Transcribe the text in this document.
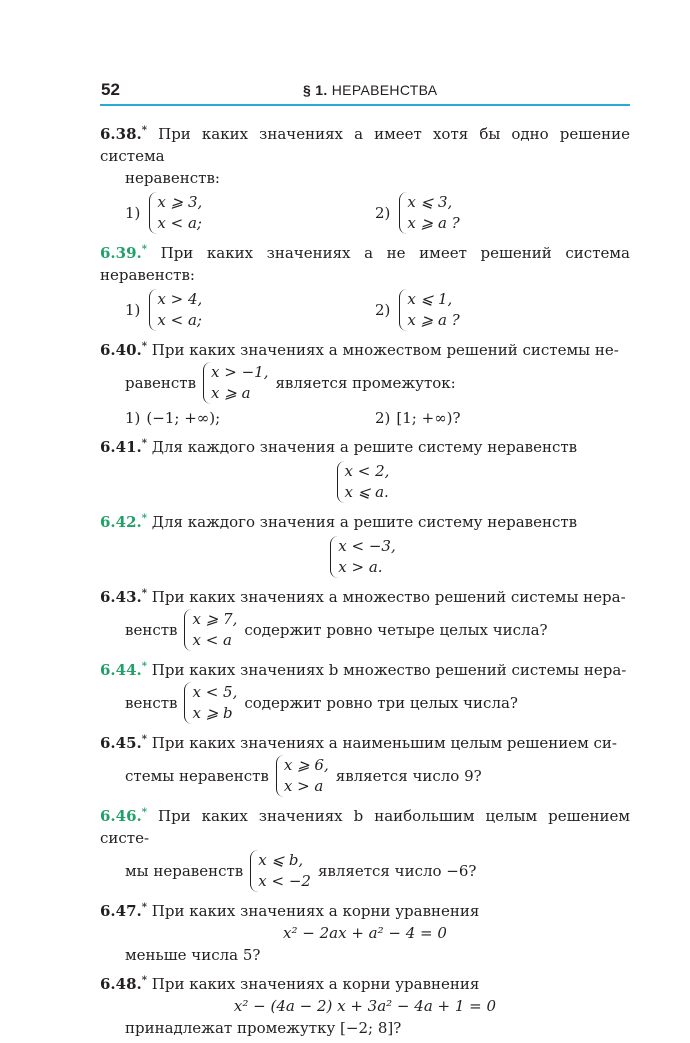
52	§ 1. НЕРАВЕНСТВА
6.38.* При каких значениях a имеет хотя бы одно решение система
неравенств:
1)
x ⩾ 3,
x < a;
2)
x ⩽ 3,
x ⩾ a ?
6.39.* При каких значениях a не имеет решений система неравенств:
1)
x > 4,
x < a;
2)
x ⩽ 1,
x ⩾ a ?
6.40.* При каких значениях a множеством решений системы не-
равенств
x > −1,
x ⩾ a
является промежуток:
1) (−1; +∞);	2) [1; +∞)?
6.41.* Для каждого значения a решите систему неравенств
x < 2,
x ⩽ a.
6.42.* Для каждого значения a решите систему неравенств
x < −3,
x > a.
6.43.* При каких значениях a множество решений системы нера-
венств
x ⩾ 7,
x < a
содержит ровно четыре целых числа?
6.44.* При каких значениях b множество решений системы нера-
венств
x < 5,
x ⩾ b
содержит ровно три целых числа?
6.45.* При каких значениях a наименьшим целым решением си-
стемы неравенств
x ⩾ 6,
x > a
является число 9?
6.46.* При каких значениях b наибольшим целым решением систе-
мы неравенств
x ⩽ b,
x < −2
является число −6?
6.47.* При каких значениях a корни уравнения
x² − 2ax + a² − 4 = 0
меньше числа 5?
6.48.* При каких значениях a корни уравнения
x² − (4a − 2) x + 3a² − 4a + 1 = 0
принадлежат промежутку [−2; 8]?
